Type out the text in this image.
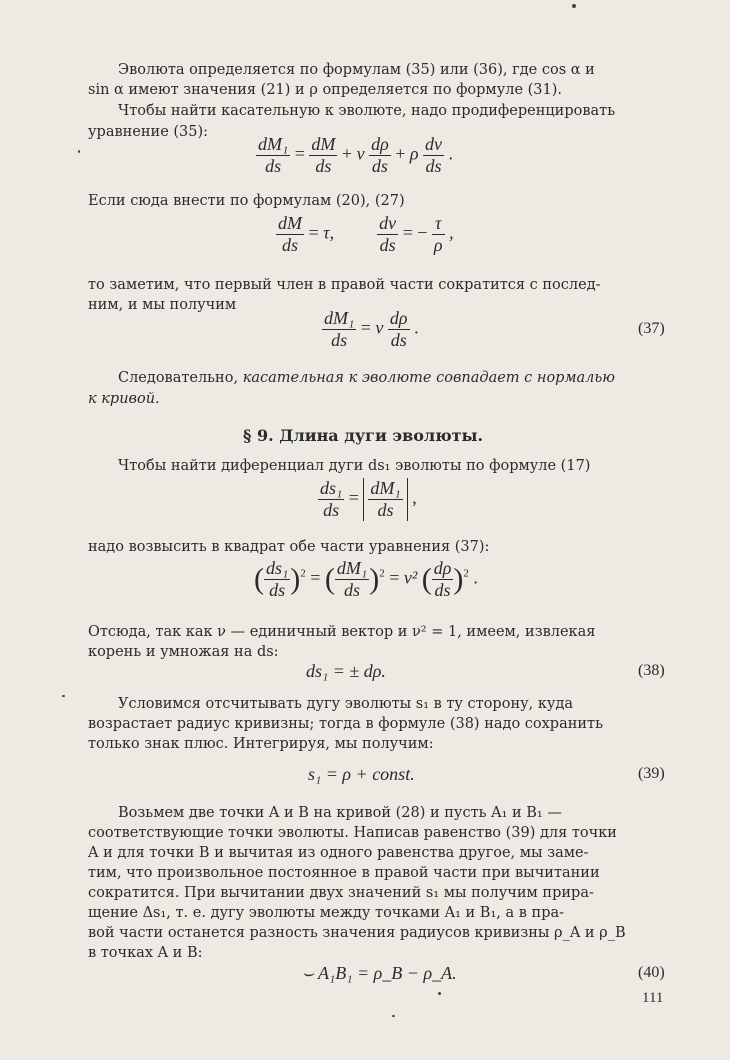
Эволюта определяется по формулам (35) или (36), где cos α и
sin α имеют значения (21) и ρ определяется по формуле (31).
Чтобы найти касательную к эволюте, надо продиференцировать
уравнение (35):
$\frac{\text{dM₁}}{ds} = \frac{dM}{ds} + \nu \frac{d\rho}{ds} + \rho \frac{d\nu}{ds}$ .
Если сюда внести по формулам (20), (27)
$\frac{dM}{ds} = \tau$, $\frac{d\nu}{ds}$ = − $\frac{\tau}{\rho}$ ,
то заметим, что первый член в правой части сократится с послед-
ним, и мы получим
$\frac{\text{dM₁}}{ds} = \nu \frac{d\rho}{ds}$ .	(37)
Следовательно, касательная к эволюте совпадает с нормалью
к кривой.
§ 9. Длина дуги эволюты.
Чтобы найти диференциал дуги ds₁ эволюты по формуле (17)
$\frac{\text{ds₁}}{ds} = \frac{\text{dM₁}}{ds}$ ,
надо возвысить в квадрат обе части уравнения (37):
( $\frac{\text{ds₁}}{ds} )^2$ = ( $\frac{\text{dM₁}}{ds} )^2 = \nu^2$ ( $\frac{d\rho}{ds} )^2$ .
Отсюда, так как ν — единичный вектор и ν² = 1, имеем, извлекая
корень и умножая на ds:
ds₁ = ± dρ.	(38)
Условимся отсчитывать дугу эволюты s₁ в ту сторону, куда
возрастает радиус кривизны; тогда в формуле (38) надо сохранить
только знак плюс. Интегрируя, мы получим:
s₁ = ρ + const.	(39)
Возьмем две точки A и B на кривой (28) и пусть A₁ и B₁ —
соответствующие точки эволюты. Написав равенство (39) для точки
A и для точки B и вычитая из одного равенства другое, мы заме-
тим, что произвольное постоянное в правой части при вычитании
сократится. При вычитании двух значений s₁ мы получим прира-
щение Δs₁, т. е. дугу эволюты между точками A₁ и B₁, а в пра-
вой части останется разность значения радиусов кривизны ρ_A и ρ_B
в точках A и B:
⌣ A₁B₁ = ρ_B − ρ_A.	(40)
111
